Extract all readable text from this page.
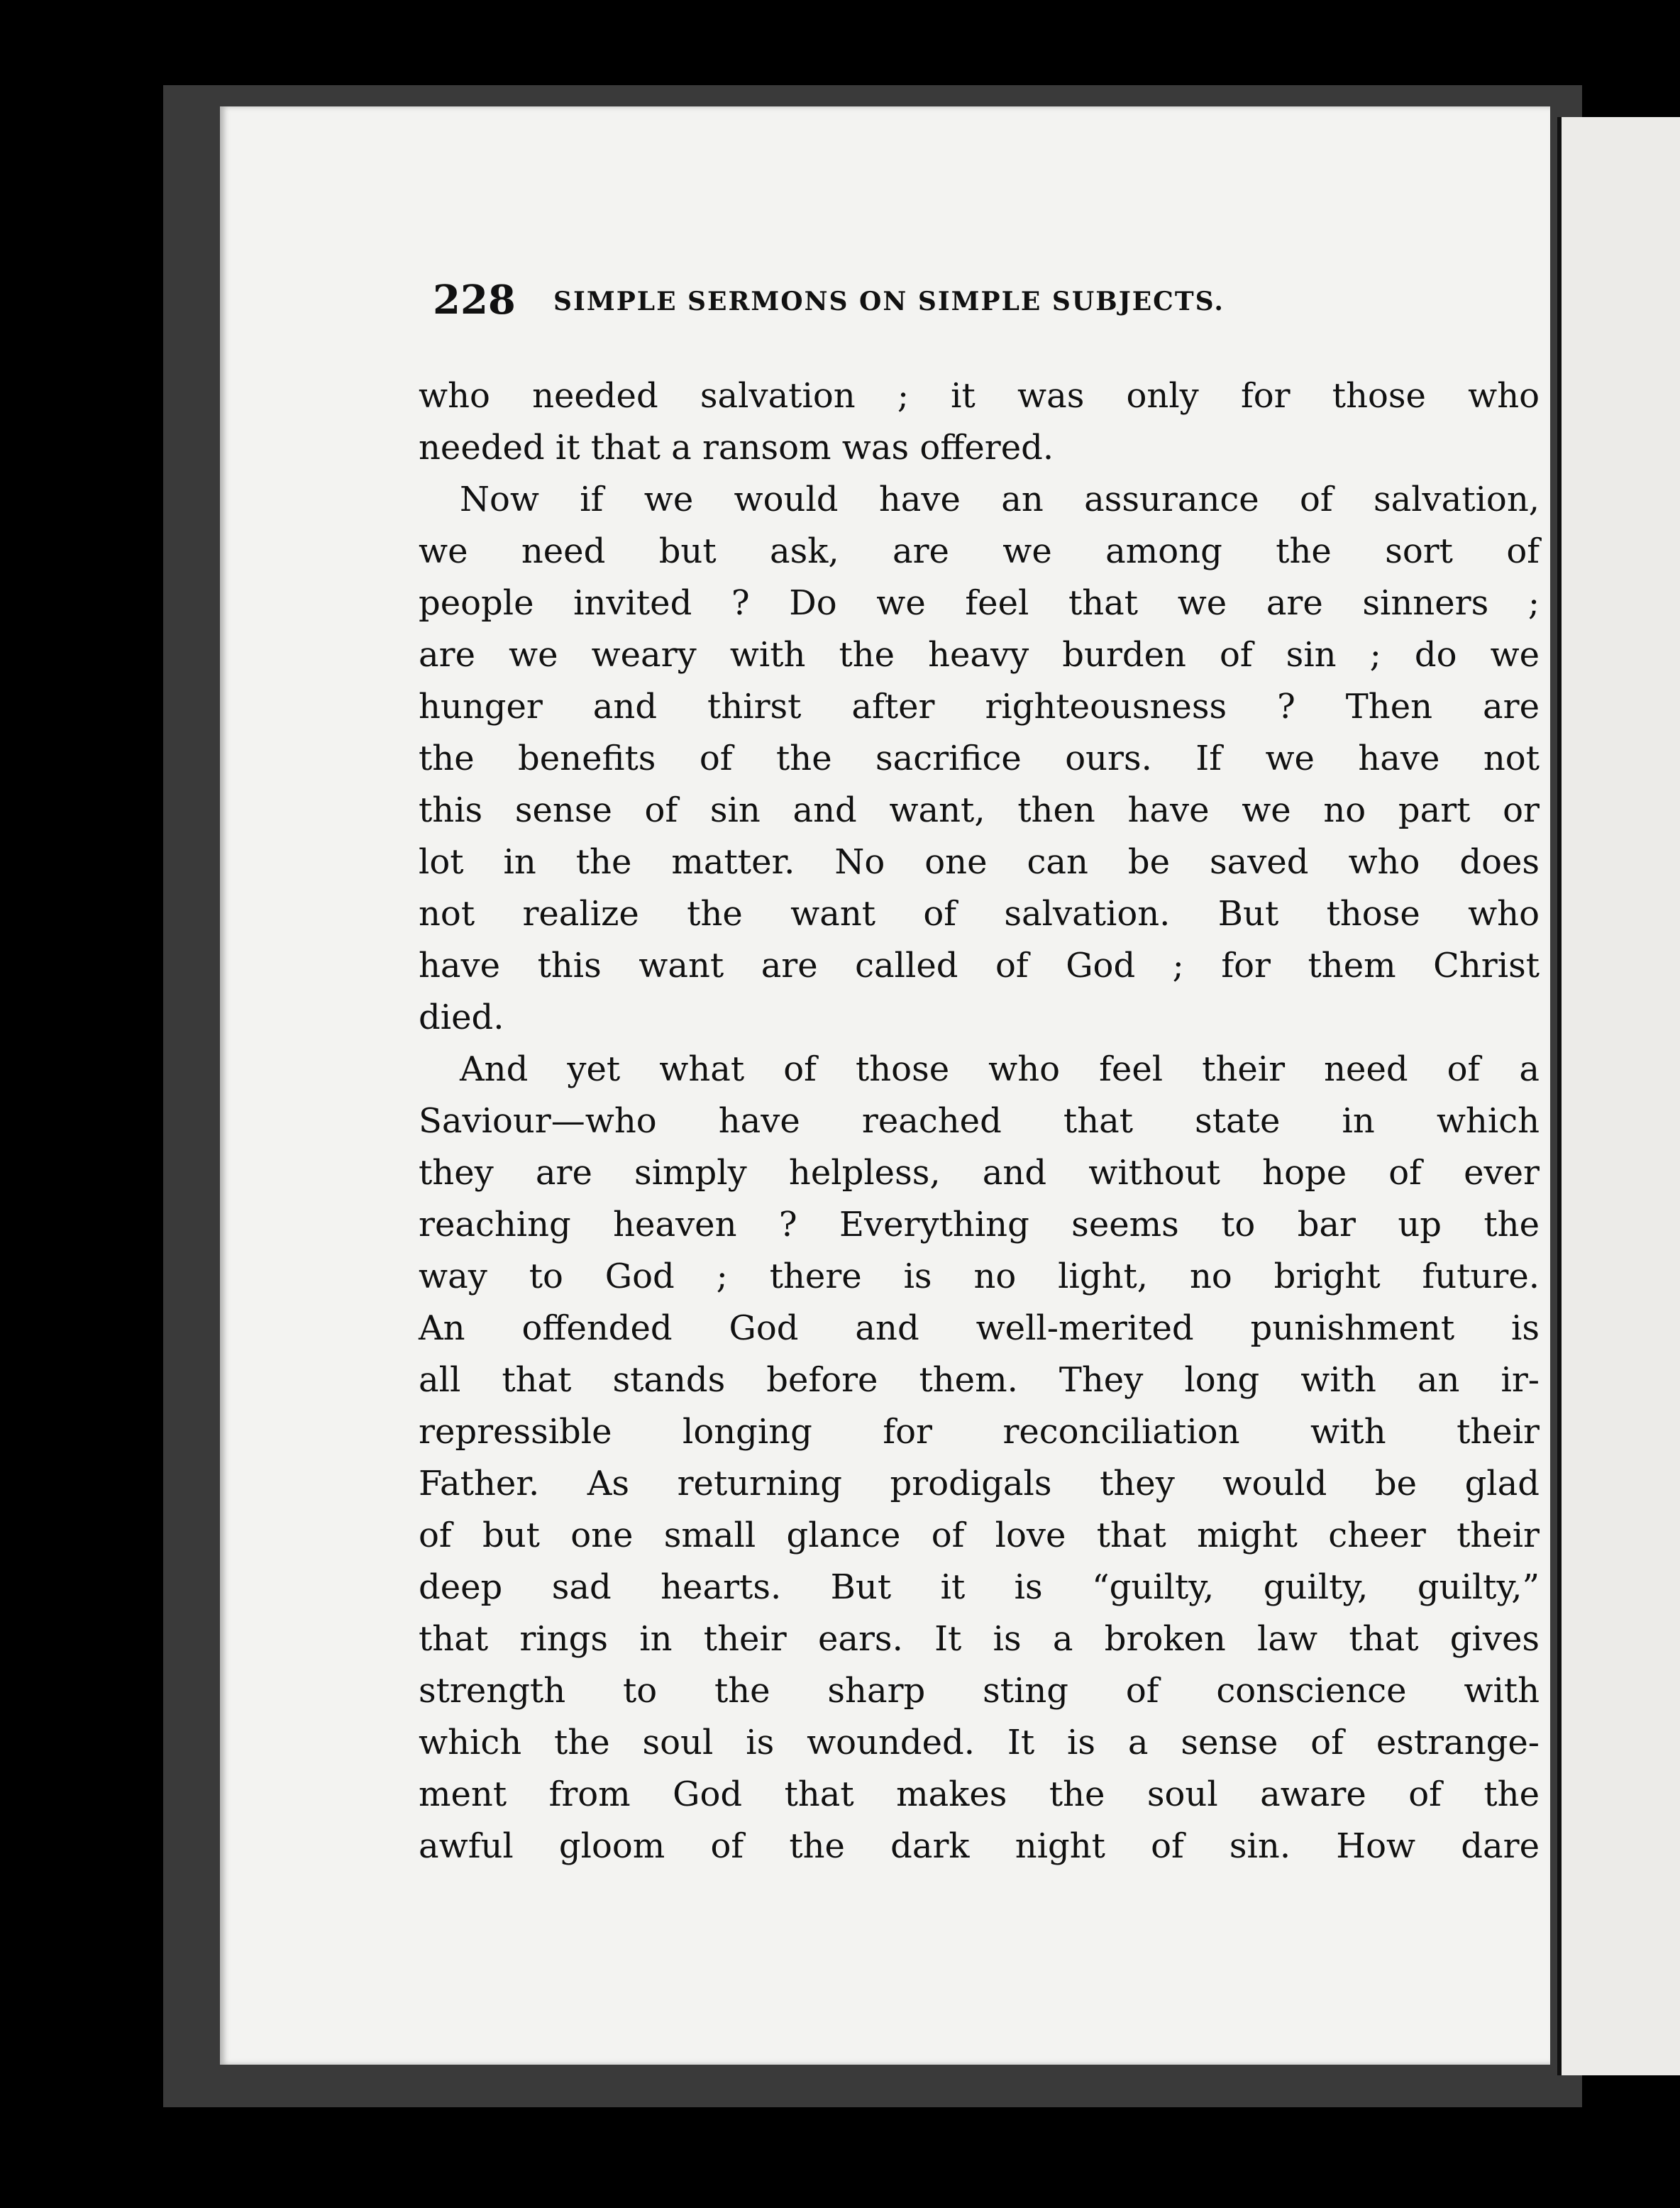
228 SIMPLE SERMONS ON SIMPLE SUBJECTS.
who needed salvation ; it was only for those who
needed it that a ransom was offered.
Now if we would have an assurance of salvation,
we need but ask, are we among the sort of
people invited ? Do we feel that we are sinners ;
are we weary with the heavy burden of sin ; do we
hunger and thirst after righteousness ? Then are
the benefits of the sacrifice ours. If we have not
this sense of sin and want, then have we no part or
lot in the matter. No one can be saved who does
not realize the want of salvation. But those who
have this want are called of God ; for them Christ
died.
And yet what of those who feel their need of a
Saviour—who have reached that state in which
they are simply helpless, and without hope of ever
reaching heaven ? Everything seems to bar up the
way to God ; there is no light, no bright future.
An offended God and well-merited punishment is
all that stands before them. They long with an ir-
repressible longing for reconciliation with their
Father. As returning prodigals they would be glad
of but one small glance of love that might cheer their
deep sad hearts. But it is “guilty, guilty, guilty,”
that rings in their ears. It is a broken law that gives
strength to the sharp sting of conscience with
which the soul is wounded. It is a sense of estrange-
ment from God that makes the soul aware of the
awful gloom of the dark night of sin. How dare
